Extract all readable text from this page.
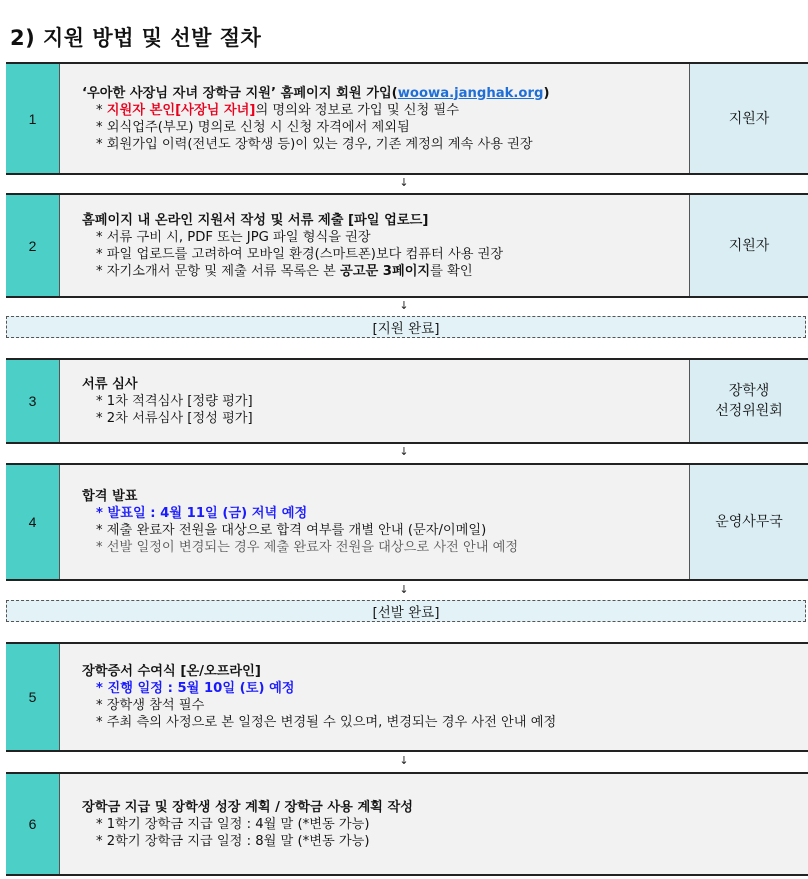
2) 지원 방법 및 선발 절차
1
‘우아한 사장님 자녀 장학금 지원’ 홈페이지 회원 가입(woowa.janghak.org)
* 지원자 본인[사장님 자녀]의 명의와 정보로 가입 및 신청 필수
* 외식업주(부모) 명의로 신청 시 신청 자격에서 제외됨
* 회원가입 이력(전년도 장학생 등)이 있는 경우, 기존 계정의 계속 사용 권장
지원자
↓
2
홈페이지 내 온라인 지원서 작성 및 서류 제출 [파일 업로드]
* 서류 구비 시, PDF 또는 JPG 파일 형식을 권장
* 파일 업로드를 고려하여 모바일 환경(스마트폰)보다 컴퓨터 사용 권장
* 자기소개서 문항 및 제출 서류 목록은 본 공고문 3페이지를 확인
지원자
↓
[지원 완료]
3
서류 심사
* 1차 적격심사 [정량 평가]
* 2차 서류심사 [정성 평가]
장학생
선정위원회
↓
4
합격 발표
* 발표일 : 4월 11일 (금) 저녁 예정
* 제출 완료자 전원을 대상으로 합격 여부를 개별 안내 (문자/이메일)
* 선발 일정이 변경되는 경우 제출 완료자 전원을 대상으로 사전 안내 예정
운영사무국
↓
[선발 완료]
5
장학증서 수여식 [온/오프라인]
* 진행 일정 : 5월 10일 (토) 예정
* 장학생 참석 필수
* 주최 측의 사정으로 본 일정은 변경될 수 있으며, 변경되는 경우 사전 안내 예정
↓
6
장학금 지급 및 장학생 성장 계획 / 장학금 사용 계획 작성
* 1학기 장학금 지급 일정 : 4월 말 (*변동 가능)
* 2학기 장학금 지급 일정 : 8월 말 (*변동 가능)
